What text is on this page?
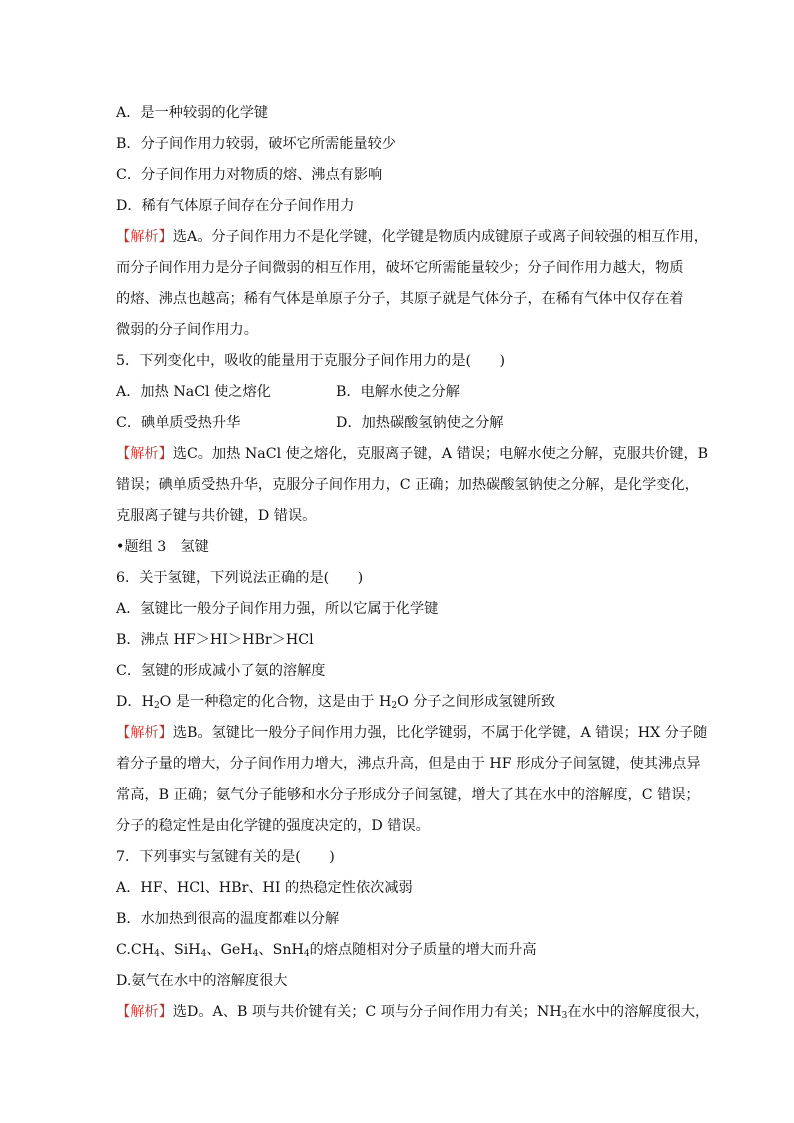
A．是一种较弱的化学键
B．分子间作用力较弱，破坏它所需能量较少
C．分子间作用力对物质的熔、沸点有影响
D．稀有气体原子间存在分子间作用力
【解析】选A。分子间作用力不是化学键，化学键是物质内成键原子或离子间较强的相互作用，
而分子间作用力是分子间微弱的相互作用，破坏它所需能量较少；分子间作用力越大，物质
的熔、沸点也越高；稀有气体是单原子分子，其原子就是气体分子，在稀有气体中仅存在着
微弱的分子间作用力。
5．下列变化中，吸收的能量用于克服分子间作用力的是(　　)
A．加热 NaCl 使之熔化	B．电解水使之分解
C．碘单质受热升华	D．加热碳酸氢钠使之分解
【解析】选C。加热 NaCl 使之熔化，克服离子键，A 错误；电解水使之分解，克服共价键，B
错误；碘单质受热升华，克服分子间作用力，C 正确；加热碳酸氢钠使之分解，是化学变化，
克服离子键与共价键，D 错误。
•题组 3　氢键
6．关于氢键，下列说法正确的是(　　)
A．氢键比一般分子间作用力强，所以它属于化学键
B．沸点 HF＞HI＞HBr＞HCl
C．氢键的形成减小了氨的溶解度
D．$H_2O$ 是一种稳定的化合物，这是由于 $H_2O$ 分子之间形成氢键所致
【解析】选B。氢键比一般分子间作用力强，比化学键弱，不属于化学键，A 错误；HX 分子随
着分子量的增大，分子间作用力增大，沸点升高，但是由于 HF 形成分子间氢键，使其沸点异
常高，B 正确；氨气分子能够和水分子形成分子间氢键，增大了其在水中的溶解度，C 错误；
分子的稳定性是由化学键的强度决定的，D 错误。
7．下列事实与氢键有关的是(　　)
A．HF、HCl、HBr、HI 的热稳定性依次减弱
B．水加热到很高的温度都难以分解
$C.CH_4$、SiH$_4$、GeH$_4$、SnH$_4$的熔点随相对分子质量的增大而升高
D.氨气在水中的溶解度很大
【解析】选D。A、B 项与共价键有关；C 项与分子间作用力有关；$NH_3$在水中的溶解度很大，
